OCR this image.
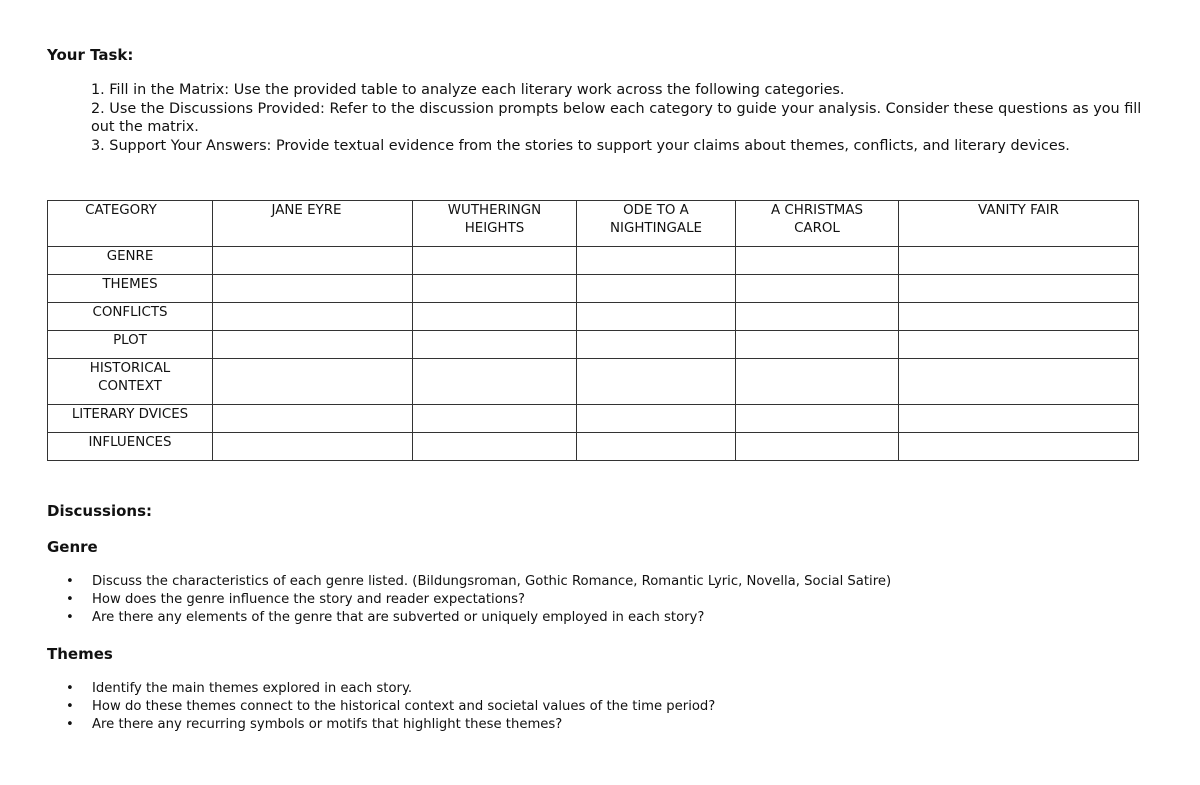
Your Task:
1. Fill in the Matrix: Use the provided table to analyze each literary work across the following categories.
2. Use the Discussions Provided: Refer to the discussion prompts below each category to guide your analysis. Consider these questions as you fill out the matrix.
3. Support Your Answers: Provide textual evidence from the stories to support your claims about themes, conflicts, and literary devices.
CATEGORY	JANE EYRE	WUTHERINGN HEIGHTS	ODE TO A NIGHTINGALE	A CHRISTMAS CAROL	VANITY FAIR
GENRE					
THEMES					
CONFLICTS					
PLOT					
HISTORICAL CONTEXT					
LITERARY DVICES					
INFLUENCES					
Discussions:
Genre
• Discuss the characteristics of each genre listed. (Bildungsroman, Gothic Romance, Romantic Lyric, Novella, Social Satire)
• How does the genre influence the story and reader expectations?
• Are there any elements of the genre that are subverted or uniquely employed in each story?
Themes
• Identify the main themes explored in each story.
• How do these themes connect to the historical context and societal values of the time period?
• Are there any recurring symbols or motifs that highlight these themes?
